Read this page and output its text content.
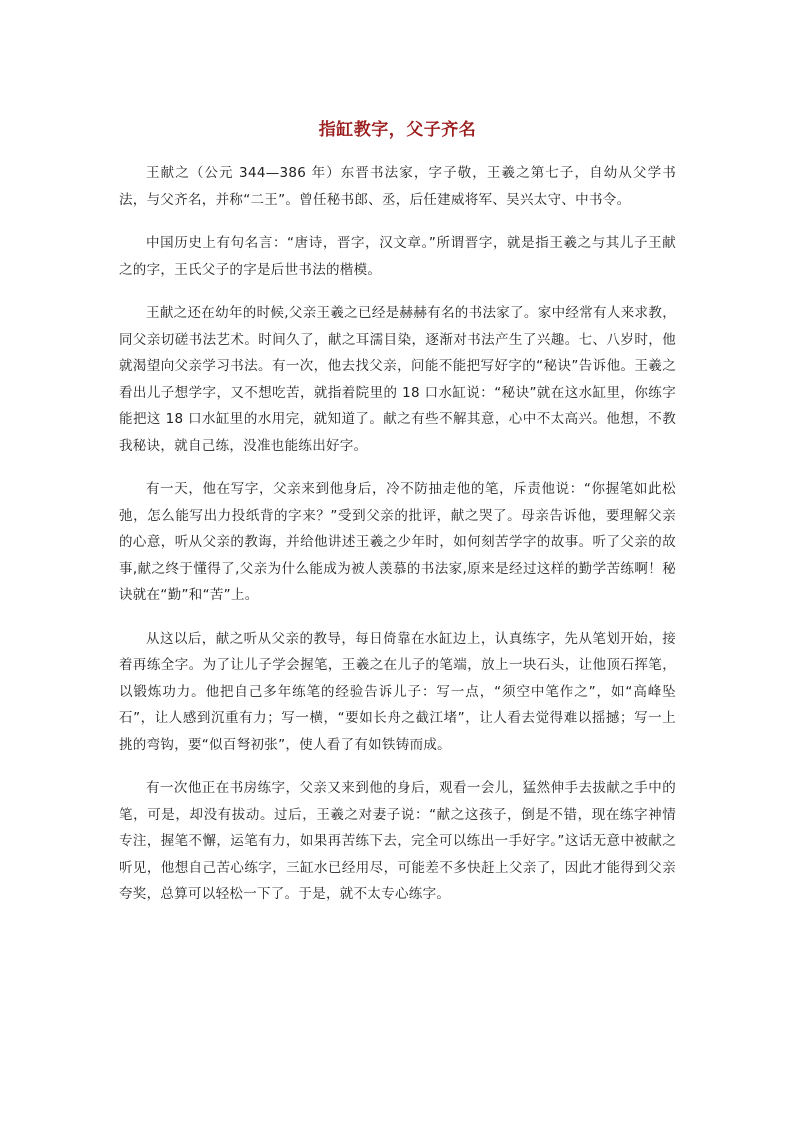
指缸教字，父子齐名

王献之（公元 344—386 年）东晋书法家，字子敬，王羲之第七子，自幼从父学书法，与父齐名，并称“二王”。曾任秘书郎、丞，后任建威将军、吴兴太守、中书令。

中国历史上有句名言：“唐诗，晋字，汉文章。”所谓晋字，就是指王羲之与其儿子王献之的字，王氏父子的字是后世书法的楷模。

王献之还在幼年的时候,父亲王羲之已经是赫赫有名的书法家了。家中经常有人来求教，同父亲切磋书法艺术。时间久了，献之耳濡目染，逐渐对书法产生了兴趣。七、八岁时，他就渴望向父亲学习书法。有一次，他去找父亲，问能不能把写好字的“秘诀”告诉他。王羲之看出儿子想学字，又不想吃苦，就指着院里的 18 口水缸说：“秘诀”就在这水缸里，你练字能把这 18 口水缸里的水用完，就知道了。献之有些不解其意，心中不太高兴。他想，不教我秘诀，就自己练，没准也能练出好字。

有一天，他在写字，父亲来到他身后，冷不防抽走他的笔，斥责他说：“你握笔如此松弛，怎么能写出力投纸背的字来？”受到父亲的批评，献之哭了。母亲告诉他，要理解父亲的心意，听从父亲的教诲，并给他讲述王羲之少年时，如何刻苦学字的故事。听了父亲的故事,献之终于懂得了,父亲为什么能成为被人羡慕的书法家,原来是经过这样的勤学苦练啊！秘诀就在“勤”和“苦”上。

从这以后，献之听从父亲的教导，每日倚靠在水缸边上，认真练字，先从笔划开始，接着再练全字。为了让儿子学会握笔，王羲之在儿子的笔端，放上一块石头，让他顶石挥笔，以锻炼功力。他把自己多年练笔的经验告诉儿子：写一点，“须空中笔作之”，如“高峰坠石”，让人感到沉重有力；写一横，“要如长舟之截江堵”，让人看去觉得难以摇撼；写一上挑的弯钩，要“似百弩初张”，使人看了有如铁铸而成。

有一次他正在书房练字，父亲又来到他的身后，观看一会儿，猛然伸手去拔献之手中的笔，可是，却没有拔动。过后，王羲之对妻子说：“献之这孩子，倒是不错，现在练字神情专注，握笔不懈，运笔有力，如果再苦练下去，完全可以练出一手好字。”这话无意中被献之听见，他想自己苦心练字，三缸水已经用尽，可能差不多快赶上父亲了，因此才能得到父亲夸奖，总算可以轻松一下了。于是，就不太专心练字。
